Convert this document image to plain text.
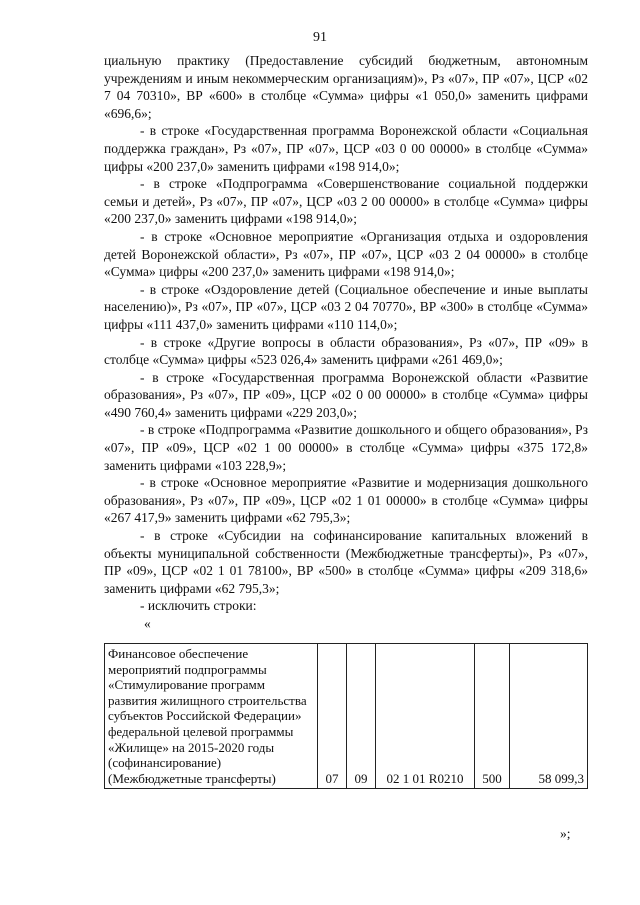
91

циальную практику (Предоставление субсидий бюджетным, автономным учреждениям и иным некоммерческим организациям)», Рз «07», ПР «07», ЦСР «02 7 04 70310», ВР «600» в столбце «Сумма» цифры «1 050,0» заменить цифрами «696,6»;

- в строке «Государственная программа Воронежской области «Социальная поддержка граждан», Рз «07», ПР «07», ЦСР «03 0 00 00000» в столбце «Сумма» цифры «200 237,0» заменить цифрами «198 914,0»;

- в строке «Подпрограмма «Совершенствование социальной поддержки семьи и детей», Рз «07», ПР «07», ЦСР «03 2 00 00000» в столбце «Сумма» цифры «200 237,0» заменить цифрами «198 914,0»;

- в строке «Основное мероприятие «Организация отдыха и оздоровления детей Воронежской области», Рз «07», ПР «07», ЦСР «03 2 04 00000» в столбце «Сумма» цифры «200 237,0» заменить цифрами «198 914,0»;

- в строке «Оздоровление детей (Социальное обеспечение и иные выплаты населению)», Рз «07», ПР «07», ЦСР «03 2 04 70770», ВР «300» в столбце «Сумма» цифры «111 437,0» заменить цифрами «110 114,0»;

- в строке «Другие вопросы в области образования», Рз «07», ПР «09» в столбце «Сумма» цифры «523 026,4» заменить цифрами «261 469,0»;

- в строке «Государственная программа Воронежской области «Развитие образования», Рз «07», ПР «09», ЦСР «02 0 00 00000» в столбце «Сумма» цифры «490 760,4» заменить цифрами «229 203,0»;

- в строке «Подпрограмма «Развитие дошкольного и общего образования», Рз «07», ПР «09», ЦСР «02 1 00 00000» в столбце «Сумма» цифры «375 172,8» заменить цифрами «103 228,9»;

- в строке «Основное мероприятие «Развитие и модернизация дошкольного образования», Рз «07», ПР «09», ЦСР «02 1 01 00000» в столбце «Сумма» цифры «267 417,9» заменить цифрами «62 795,3»;

- в строке «Субсидии на софинансирование капитальных вложений в объекты муниципальной собственности (Межбюджетные трансферты)», Рз «07», ПР «09», ЦСР «02 1 01 78100», ВР «500» в столбце «Сумма» цифры «209 318,6» заменить цифрами «62 795,3»;

- исключить строки:

«

Финансовое обеспечение мероприятий подпрограммы «Стимулирование программ развития жилищного строительства субъектов Российской Федерации» федеральной целевой программы «Жилище» на 2015-2020 годы (софинансирование) (Межбюджетные трансферты)	07	09	02 1 01 R0210	500	58 099,3
»;
